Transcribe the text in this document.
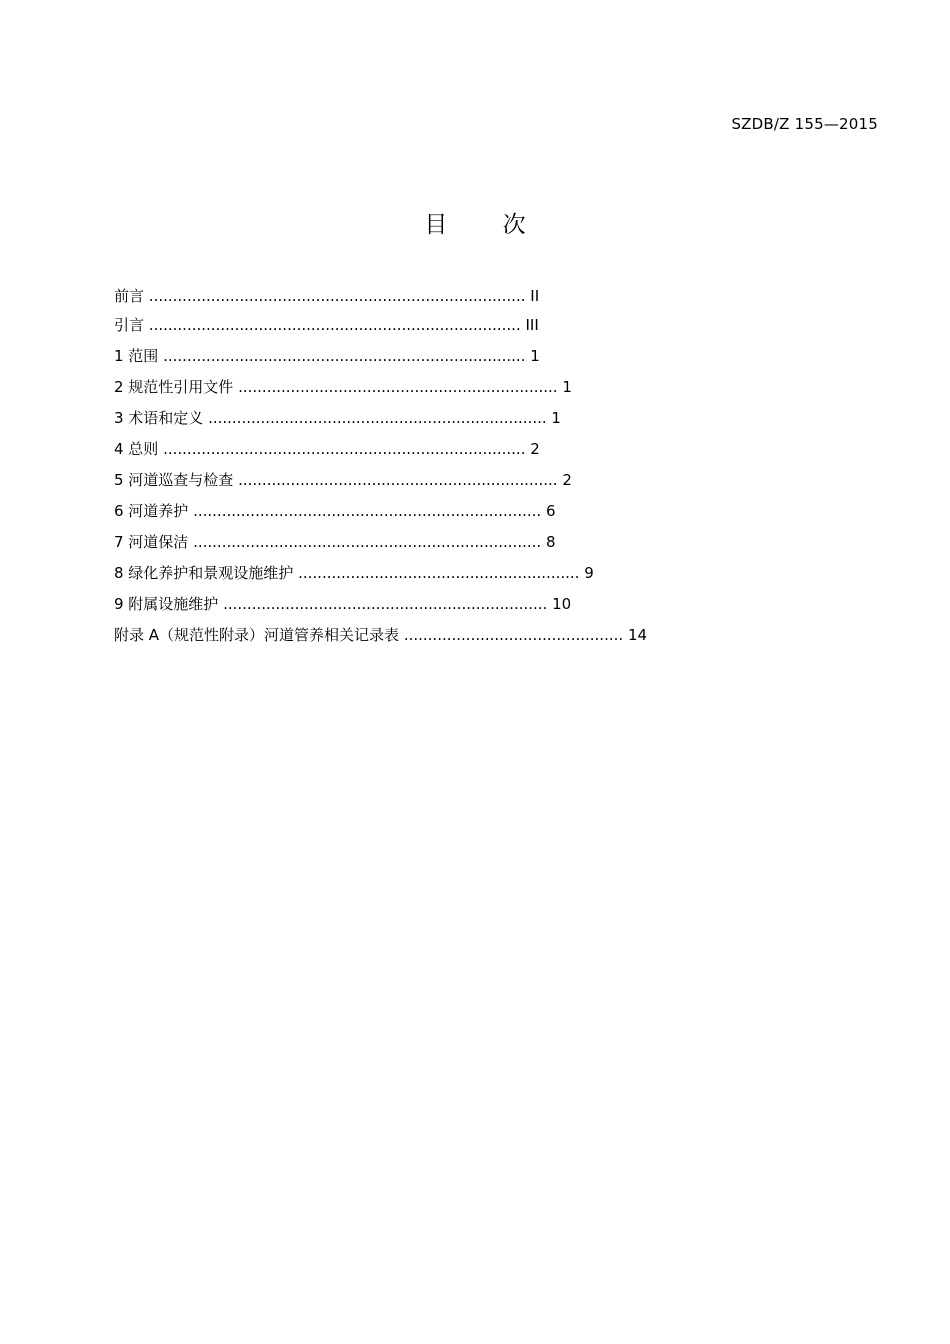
SZDB/Z 155—2015
目 次
前言 ............................................................................... II
引言 .............................................................................. III
1 范围 ............................................................................ 1
2 规范性引用文件 ................................................................... 1
3 术语和定义 ....................................................................... 1
4 总则 ............................................................................ 2
5 河道巡查与检查 ................................................................... 2
6 河道养护 ......................................................................... 6
7 河道保洁 ......................................................................... 8
8 绿化养护和景观设施维护 ........................................................... 9
9 附属设施维护 .................................................................... 10
附录 A（规范性附录）河道管养相关记录表 .............................................. 14
